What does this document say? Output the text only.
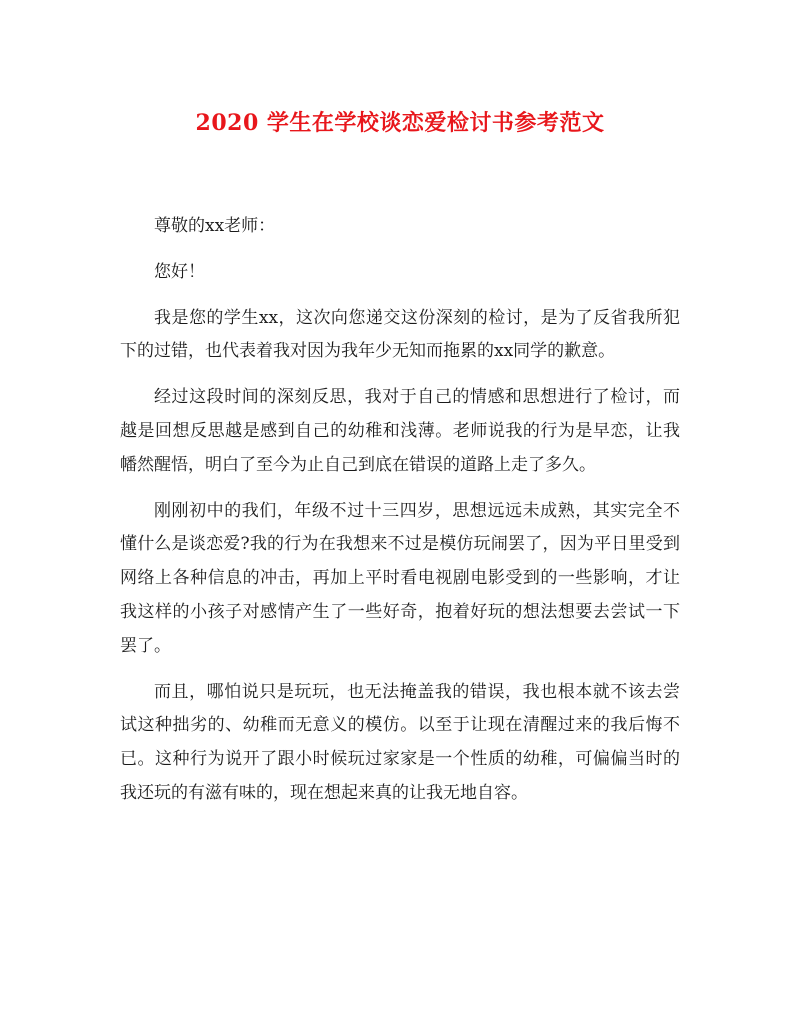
2020 学生在学校谈恋爱检讨书参考范文

尊敬的xx老师：

您好！

我是您的学生xx，这次向您递交这份深刻的检讨，是为了反省我所犯下的过错，也代表着我对因为我年少无知而拖累的xx同学的歉意。

经过这段时间的深刻反思，我对于自己的情感和思想进行了检讨，而越是回想反思越是感到自己的幼稚和浅薄。老师说我的行为是早恋，让我幡然醒悟，明白了至今为止自己到底在错误的道路上走了多久。

刚刚初中的我们，年级不过十三四岁，思想远远未成熟，其实完全不懂什么是谈恋爱?我的行为在我想来不过是模仿玩闹罢了，因为平日里受到网络上各种信息的冲击，再加上平时看电视剧电影受到的一些影响，才让我这样的小孩子对感情产生了一些好奇，抱着好玩的想法想要去尝试一下罢了。

而且，哪怕说只是玩玩，也无法掩盖我的错误，我也根本就不该去尝试这种拙劣的、幼稚而无意义的模仿。以至于让现在清醒过来的我后悔不已。这种行为说开了跟小时候玩过家家是一个性质的幼稚，可偏偏当时的我还玩的有滋有味的，现在想起来真的让我无地自容。
